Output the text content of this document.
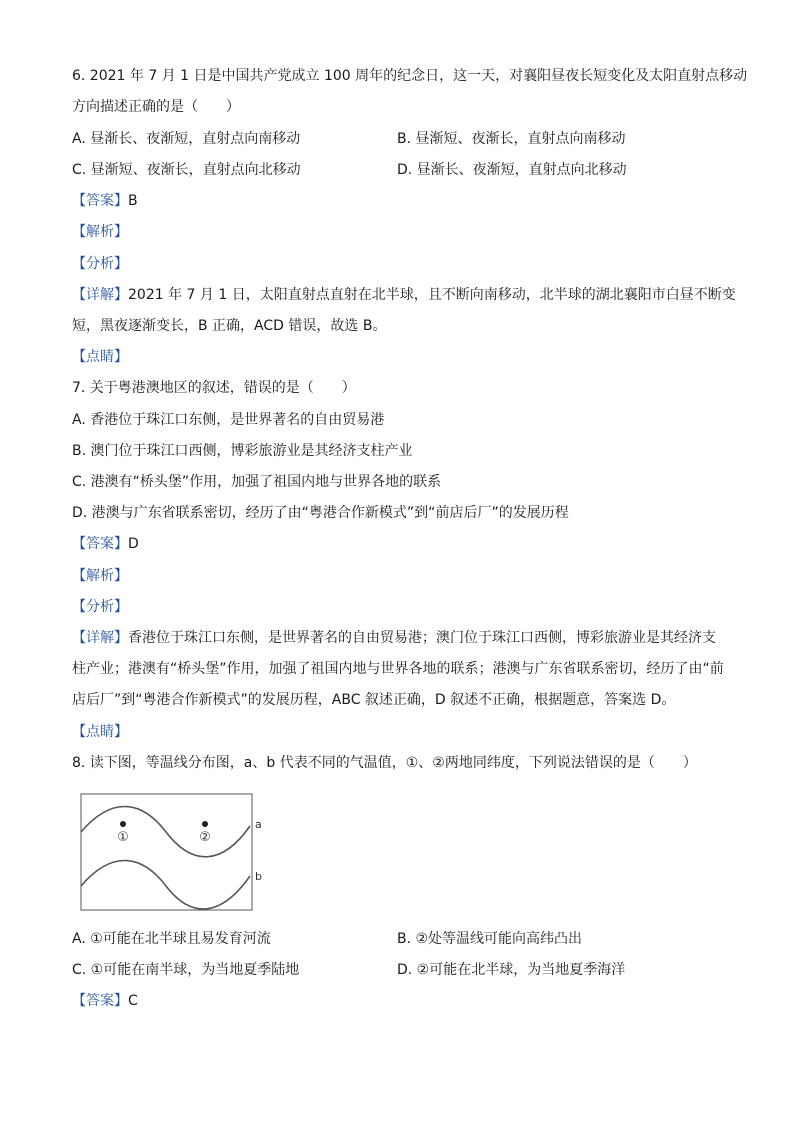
6. 2021 年 7 月 1 日是中国共产党成立 100 周年的纪念日，这一天，对襄阳昼夜长短变化及太阳直射点移动
方向描述正确的是（　　）
A. 昼渐长、夜渐短，直射点向南移动	B. 昼渐短、夜渐长，直射点向南移动
C. 昼渐短、夜渐长，直射点向北移动	D. 昼渐长、夜渐短，直射点向北移动
【答案】B
【解析】
【分析】
【详解】2021 年 7 月 1 日，太阳直射点直射在北半球，且不断向南移动，北半球的湖北襄阳市白昼不断变
短，黑夜逐渐变长，B 正确，ACD 错误，故选 B。
【点睛】
7. 关于粤港澳地区的叙述，错误的是（　　）
A. 香港位于珠江口东侧，是世界著名的自由贸易港
B. 澳门位于珠江口西侧，博彩旅游业是其经济支柱产业
C. 港澳有“桥头堡”作用，加强了祖国内地与世界各地的联系
D. 港澳与广东省联系密切，经历了由“粤港合作新模式”到“前店后厂”的发展历程
【答案】D
【解析】
【分析】
【详解】香港位于珠江口东侧，是世界著名的自由贸易港；澳门位于珠江口西侧，博彩旅游业是其经济支
柱产业；港澳有“桥头堡”作用，加强了祖国内地与世界各地的联系；港澳与广东省联系密切，经历了由“前
店后厂”到“粤港合作新模式”的发展历程，ABC 叙述正确，D 叙述不正确，根据题意，答案选 D。
【点睛】
8. 读下图，等温线分布图，a、b 代表不同的气温值，①、②两地同纬度，下列说法错误的是（　　）
①	②
a
b
A. ①可能在北半球且易发育河流	B. ②处等温线可能向高纬凸出
C. ①可能在南半球，为当地夏季陆地	D. ②可能在北半球，为当地夏季海洋
【答案】C
